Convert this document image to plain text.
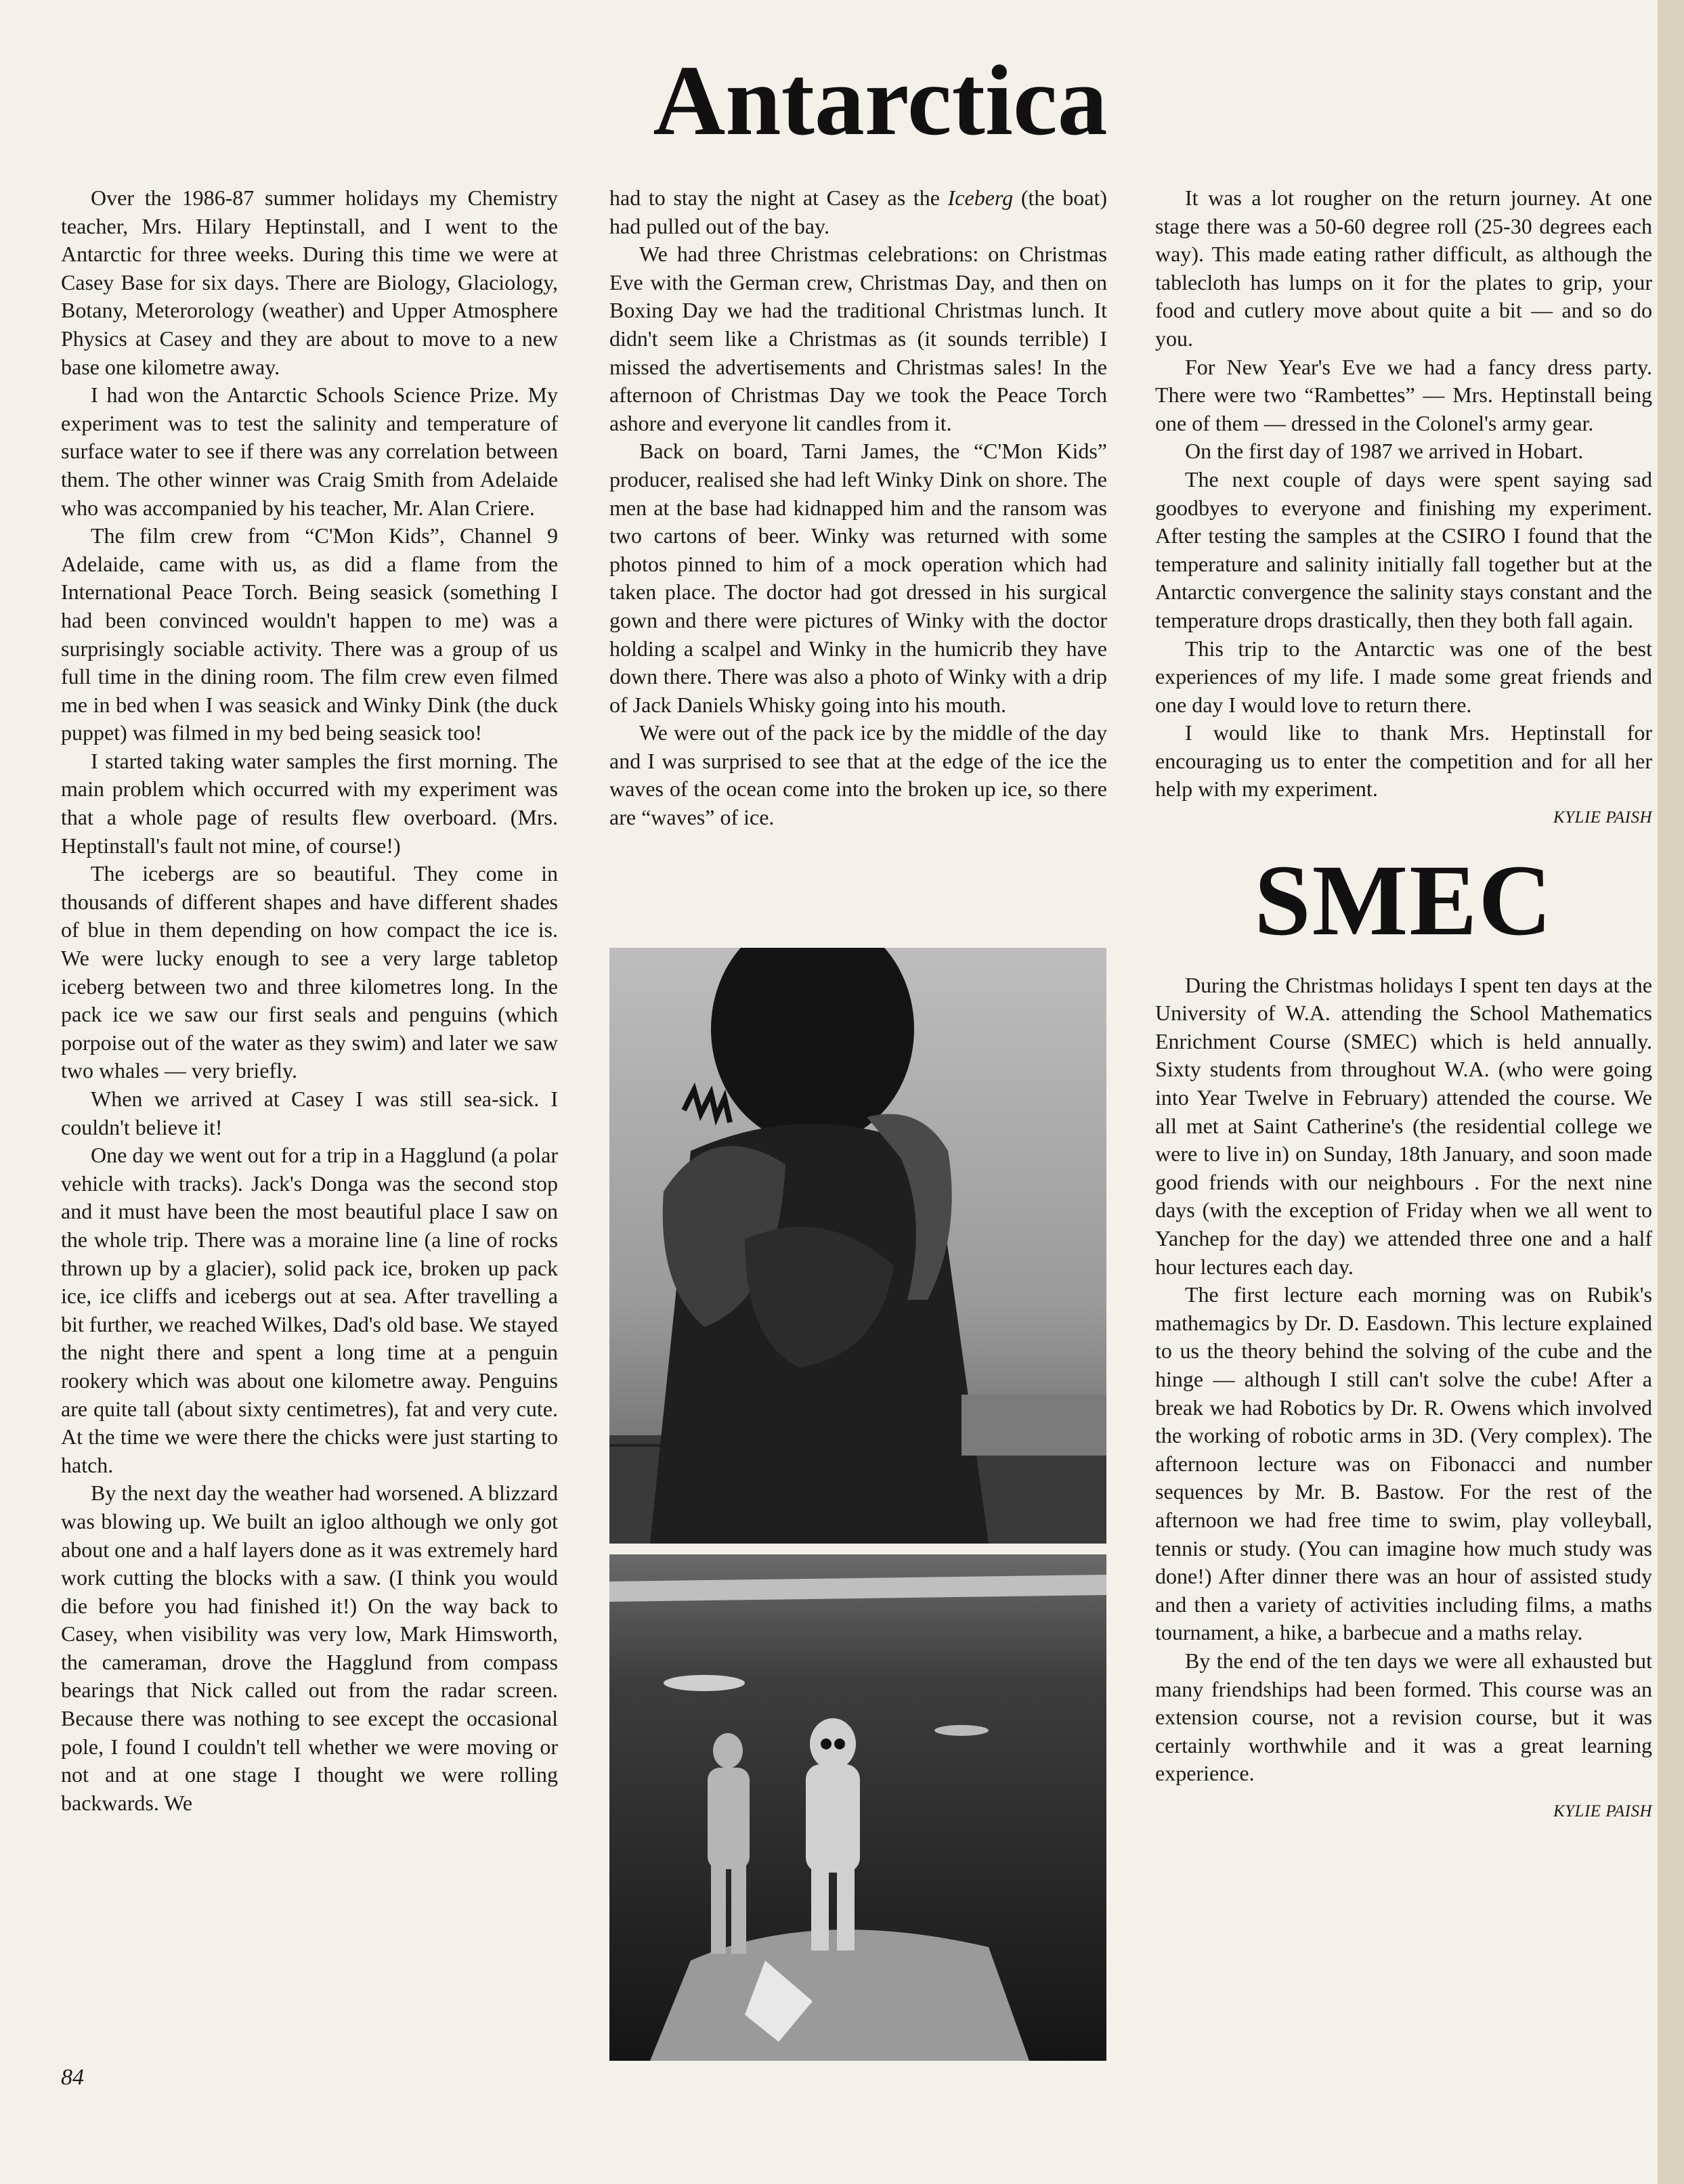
Antarctica

Over the 1986-87 summer holidays my Chemistry teacher, Mrs. Hilary Heptinstall, and I went to the Antarctic for three weeks. During this time we were at Casey Base for six days. There are Biology, Glaciology, Botany, Meterorology (weather) and Upper Atmosphere Physics at Casey and they are about to move to a new base one kilometre away.

I had won the Antarctic Schools Science Prize. My experiment was to test the salinity and temperature of surface water to see if there was any correlation between them. The other winner was Craig Smith from Adelaide who was accompanied by his teacher, Mr. Alan Criere.

The film crew from “C'Mon Kids”, Channel 9 Adelaide, came with us, as did a flame from the International Peace Torch. Being seasick (something I had been convinced wouldn't happen to me) was a surprisingly sociable activity. There was a group of us full time in the dining room. The film crew even filmed me in bed when I was seasick and Winky Dink (the duck puppet) was filmed in my bed being seasick too!

I started taking water samples the first morning. The main problem which occurred with my experiment was that a whole page of results flew overboard. (Mrs. Heptinstall's fault not mine, of course!)

The icebergs are so beautiful. They come in thousands of different shapes and have different shades of blue in them depending on how compact the ice is. We were lucky enough to see a very large tabletop iceberg between two and three kilometres long. In the pack ice we saw our first seals and penguins (which porpoise out of the water as they swim) and later we saw two whales — very briefly.

When we arrived at Casey I was still sea-sick. I couldn't believe it!

One day we went out for a trip in a Hagglund (a polar vehicle with tracks). Jack's Donga was the second stop and it must have been the most beautiful place I saw on the whole trip. There was a moraine line (a line of rocks thrown up by a glacier), solid pack ice, broken up pack ice, ice cliffs and icebergs out at sea. After travelling a bit further, we reached Wilkes, Dad's old base. We stayed the night there and spent a long time at a penguin rookery which was about one kilometre away. Penguins are quite tall (about sixty centimetres), fat and very cute. At the time we were there the chicks were just starting to hatch.

By the next day the weather had worsened. A blizzard was blowing up. We built an igloo although we only got about one and a half layers done as it was extremely hard work cutting the blocks with a saw. (I think you would die before you had finished it!) On the way back to Casey, when visibility was very low, Mark Himsworth, the cameraman, drove the Hagglund from compass bearings that Nick called out from the radar screen. Because there was nothing to see except the occasional pole, I found I couldn't tell whether we were moving or not and at one stage I thought we were rolling backwards. We

had to stay the night at Casey as the Iceberg (the boat) had pulled out of the bay.

We had three Christmas celebrations: on Christmas Eve with the German crew, Christmas Day, and then on Boxing Day we had the traditional Christmas lunch. It didn't seem like a Christmas as (it sounds terrible) I missed the advertisements and Christmas sales! In the afternoon of Christmas Day we took the Peace Torch ashore and everyone lit candles from it.

Back on board, Tarni James, the “C'Mon Kids” producer, realised she had left Winky Dink on shore. The men at the base had kidnapped him and the ransom was two cartons of beer. Winky was returned with some photos pinned to him of a mock operation which had taken place. The doctor had got dressed in his surgical gown and there were pictures of Winky with the doctor holding a scalpel and Winky in the humicrib they have down there. There was also a photo of Winky with a drip of Jack Daniels Whisky going into his mouth.

We were out of the pack ice by the middle of the day and I was surprised to see that at the edge of the ice the waves of the ocean come into the broken up ice, so there are “waves” of ice.

It was a lot rougher on the return journey. At one stage there was a 50-60 degree roll (25-30 degrees each way). This made eating rather difficult, as although the tablecloth has lumps on it for the plates to grip, your food and cutlery move about quite a bit — and so do you.

For New Year's Eve we had a fancy dress party. There were two “Rambettes” — Mrs. Heptinstall being one of them — dressed in the Colonel's army gear.

On the first day of 1987 we arrived in Hobart.

The next couple of days were spent saying sad goodbyes to everyone and finishing my experiment. After testing the samples at the CSIRO I found that the temperature and salinity initially fall together but at the Antarctic convergence the salinity stays constant and the temperature drops drastically, then they both fall again.

This trip to the Antarctic was one of the best experiences of my life. I made some great friends and one day I would love to return there.

I would like to thank Mrs. Heptinstall for encouraging us to enter the competition and for all her help with my experiment.

KYLIE PAISH

SMEC

During the Christmas holidays I spent ten days at the University of W.A. attending the School Mathematics Enrichment Course (SMEC) which is held annually. Sixty students from throughout W.A. (who were going into Year Twelve in February) attended the course. We all met at Saint Catherine's (the residential college we were to live in) on Sunday, 18th January, and soon made good friends with our neighbours . For the next nine days (with the exception of Friday when we all went to Yanchep for the day) we attended three one and a half hour lectures each day.

The first lecture each morning was on Rubik's mathemagics by Dr. D. Easdown. This lecture explained to us the theory behind the solving of the cube and the hinge — although I still can't solve the cube! After a break we had Robotics by Dr. R. Owens which involved the working of robotic arms in 3D. (Very complex). The afternoon lecture was on Fibonacci and number sequences by Mr. B. Bastow. For the rest of the afternoon we had free time to swim, play volleyball, tennis or study. (You can imagine how much study was done!) After dinner there was an hour of assisted study and then a variety of activities including films, a maths tournament, a hike, a barbecue and a maths relay.

By the end of the ten days we were all exhausted but many friendships had been formed. This course was an extension course, not a revision course, but it was certainly worthwhile and it was a great learning experience.

KYLIE PAISH

84
